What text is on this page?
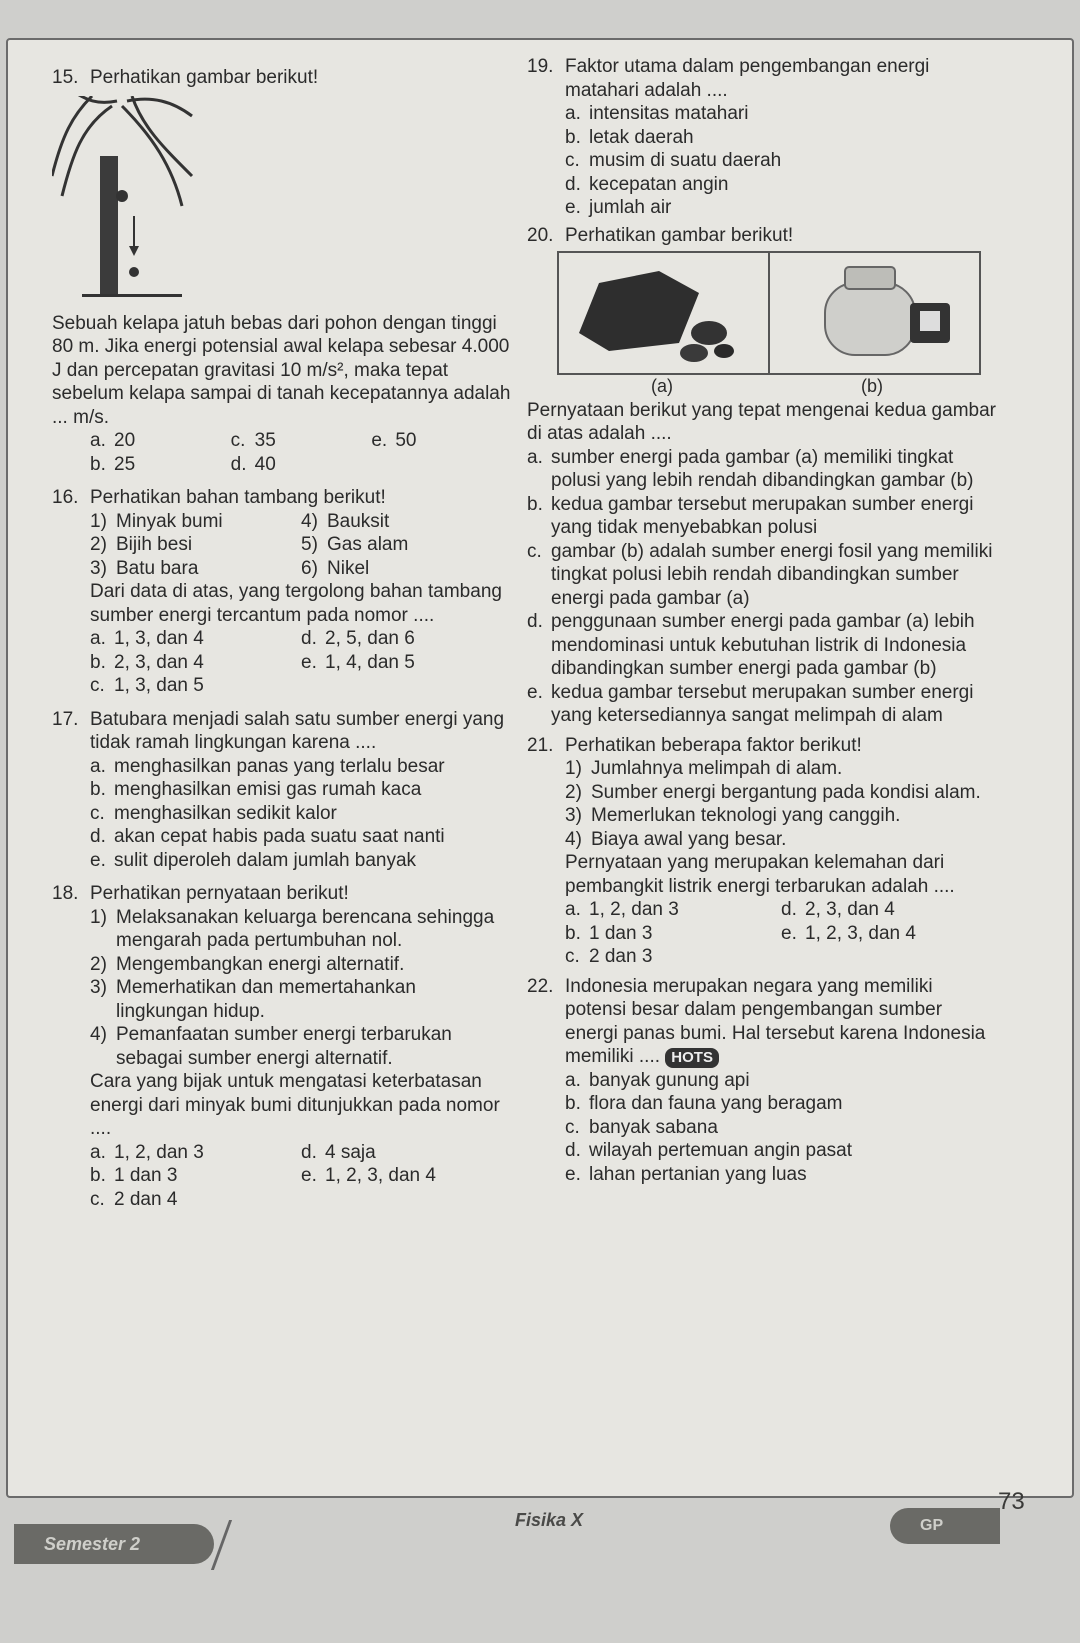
15. Perhatikan gambar berikut!
Sebuah kelapa jatuh bebas dari pohon dengan tinggi 80 m. Jika energi potensial awal kelapa sebesar 4.000 J dan percepatan gravitasi 10 m/s², maka tepat sebelum kelapa sampai di tanah kecepatannya adalah ... m/s.
a. 20	c. 35	e. 50
b. 25	d. 40
16. Perhatikan bahan tambang berikut!
1) Minyak bumi	4) Bauksit
2) Bijih besi	5) Gas alam
3) Batu bara	6) Nikel
Dari data di atas, yang tergolong bahan tambang sumber energi tercantum pada nomor ....
a. 1, 3, dan 4	d. 2, 5, dan 6
b. 2, 3, dan 4	e. 1, 4, dan 5
c. 1, 3, dan 5
17. Batubara menjadi salah satu sumber energi yang tidak ramah lingkungan karena ....
a. menghasilkan panas yang terlalu besar
b. menghasilkan emisi gas rumah kaca
c. menghasilkan sedikit kalor
d. akan cepat habis pada suatu saat nanti
e. sulit diperoleh dalam jumlah banyak
18. Perhatikan pernyataan berikut!
1) Melaksanakan keluarga berencana sehingga mengarah pada pertumbuhan nol.
2) Mengembangkan energi alternatif.
3) Memerhatikan dan memertahankan lingkungan hidup.
4) Pemanfaatan sumber energi terbarukan sebagai sumber energi alternatif.
Cara yang bijak untuk mengatasi keterbatasan energi dari minyak bumi ditunjukkan pada nomor ....
a. 1, 2, dan 3	d. 4 saja
b. 1 dan 3	e. 1, 2, 3, dan 4
c. 2 dan 4
19. Faktor utama dalam pengembangan energi matahari adalah ....
a. intensitas matahari
b. letak daerah
c. musim di suatu daerah
d. kecepatan angin
e. jumlah air
20. Perhatikan gambar berikut!
(a)	(b)
Pernyataan berikut yang tepat mengenai kedua gambar di atas adalah ....
a. sumber energi pada gambar (a) memiliki tingkat polusi yang lebih rendah dibandingkan gambar (b)
b. kedua gambar tersebut merupakan sumber energi yang tidak menyebabkan polusi
c. gambar (b) adalah sumber energi fosil yang memiliki tingkat polusi lebih rendah dibandingkan sumber energi pada gambar (a)
d. penggunaan sumber energi pada gambar (a) lebih mendominasi untuk kebutuhan listrik di Indonesia dibandingkan sumber energi pada gambar (b)
e. kedua gambar tersebut merupakan sumber energi yang ketersediannya sangat melimpah di alam
21. Perhatikan beberapa faktor berikut!
1) Jumlahnya melimpah di alam.
2) Sumber energi bergantung pada kondisi alam.
3) Memerlukan teknologi yang canggih.
4) Biaya awal yang besar.
Pernyataan yang merupakan kelemahan dari pembangkit listrik energi terbarukan adalah ....
a. 1, 2, dan 3	d. 2, 3, dan 4
b. 1 dan 3	e. 1, 2, 3, dan 4
c. 2 dan 3
22. Indonesia merupakan negara yang memiliki potensi besar dalam pengembangan sumber energi panas bumi. Hal tersebut karena Indonesia memiliki .... HOTS
a. banyak gunung api
b. flora dan fauna yang beragam
c. banyak sabana
d. wilayah pertemuan angin pasat
e. lahan pertanian yang luas
Semester 2
Fisika X	GP
73
